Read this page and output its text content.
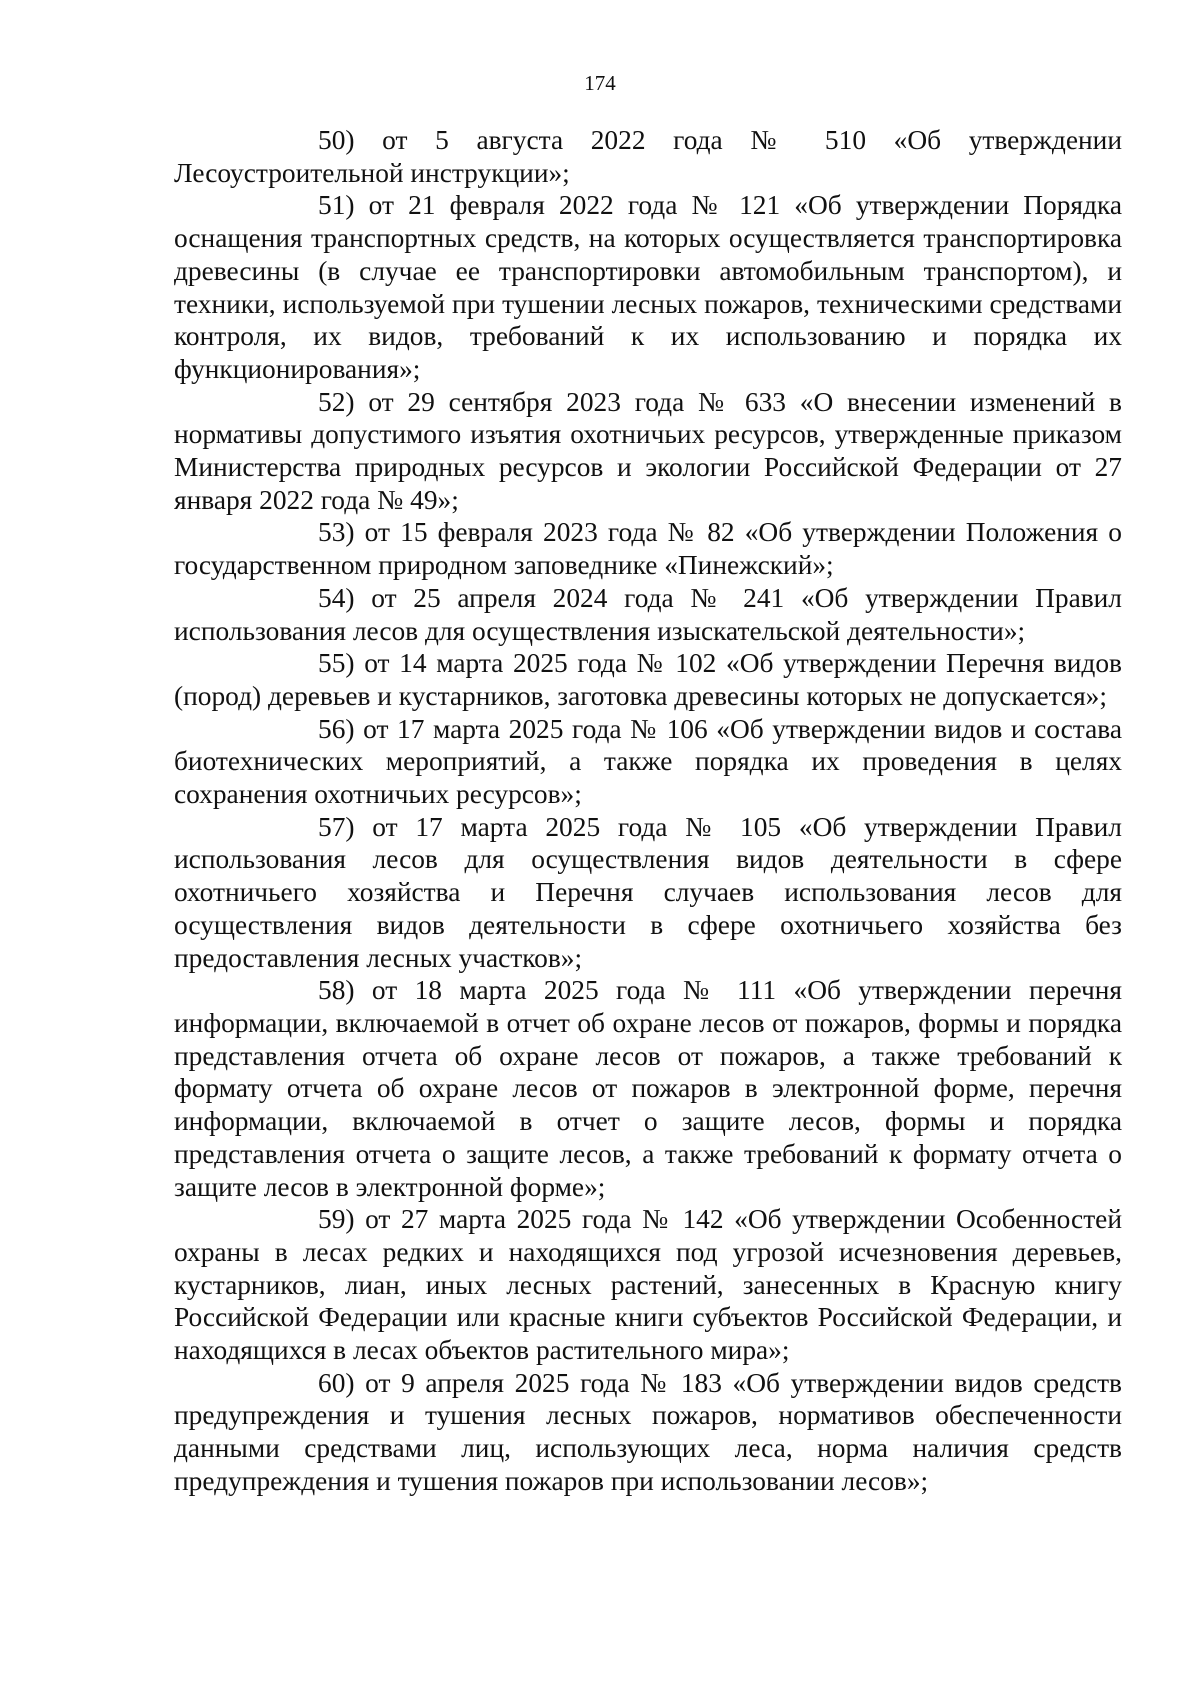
174

50) от 5 августа 2022 года № 510 «Об утверждении Лесоустроительной инструкции»;

51) от 21 февраля 2022 года № 121 «Об утверждении Порядка оснащения транспортных средств, на которых осуществляется транспортировка древесины (в случае ее транспортировки автомобильным транспортом), и техники, используемой при тушении лесных пожаров, техническими средствами контроля, их видов, требований к их использованию и порядка их функционирования»;

52) от 29 сентября 2023 года № 633 «О внесении изменений в нормативы допустимого изъятия охотничьих ресурсов, утвержденные приказом Министерства природных ресурсов и экологии Российской Федерации от 27 января 2022 года № 49»;

53) от 15 февраля 2023 года № 82 «Об утверждении Положения о государственном природном заповеднике «Пинежский»;

54) от 25 апреля 2024 года № 241 «Об утверждении Правил использования лесов для осуществления изыскательской деятельности»;

55) от 14 марта 2025 года № 102 «Об утверждении Перечня видов (пород) деревьев и кустарников, заготовка древесины которых не допускается»;

56) от 17 марта 2025 года № 106 «Об утверждении видов и состава биотехнических мероприятий, а также порядка их проведения в целях сохранения охотничьих ресурсов»;

57) от 17 марта 2025 года № 105 «Об утверждении Правил использования лесов для осуществления видов деятельности в сфере охотничьего хозяйства и Перечня случаев использования лесов для осуществления видов деятельности в сфере охотничьего хозяйства без предоставления лесных участков»;

58) от 18 марта 2025 года № 111 «Об утверждении перечня информации, включаемой в отчет об охране лесов от пожаров, формы и порядка представления отчета об охране лесов от пожаров, а также требований к формату отчета об охране лесов от пожаров в электронной форме, перечня информации, включаемой в отчет о защите лесов, формы и порядка представления отчета о защите лесов, а также требований к формату отчета о защите лесов в электронной форме»;

59) от 27 марта 2025 года № 142 «Об утверждении Особенностей охраны в лесах редких и находящихся под угрозой исчезновения деревьев, кустарников, лиан, иных лесных растений, занесенных в Красную книгу Российской Федерации или красные книги субъектов Российской Федерации, и находящихся в лесах объектов растительного мира»;

60) от 9 апреля 2025 года № 183 «Об утверждении видов средств предупреждения и тушения лесных пожаров, нормативов обеспеченности данными средствами лиц, использующих леса, норма наличия средств предупреждения и тушения пожаров при использовании лесов»;
